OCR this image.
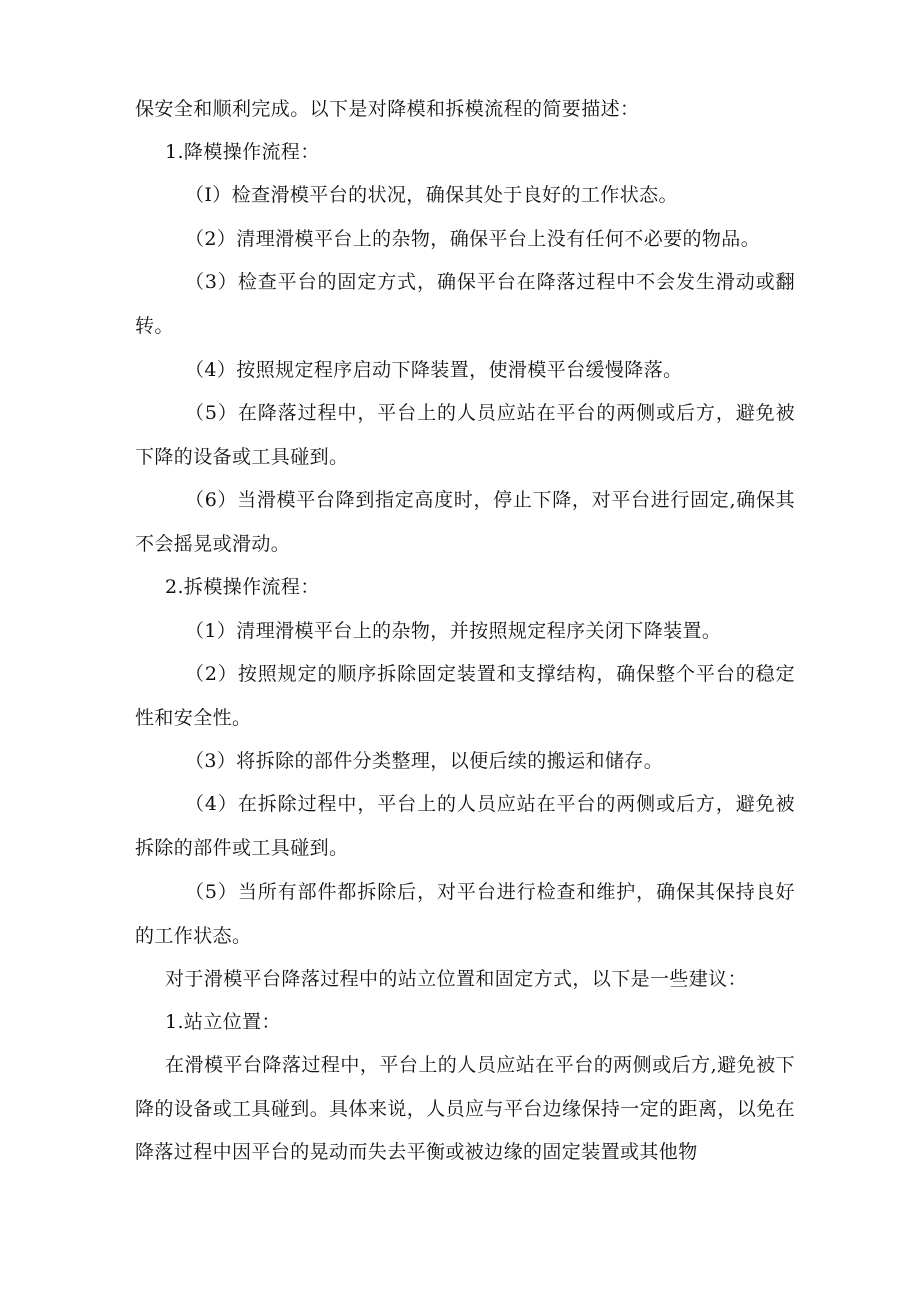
保安全和顺利完成。以下是对降模和拆模流程的简要描述：

1.降模操作流程：

（I）检查滑模平台的状况，确保其处于良好的工作状态。

（2）清理滑模平台上的杂物，确保平台上没有任何不必要的物品。

（3）检查平台的固定方式，确保平台在降落过程中不会发生滑动或翻转。

（4）按照规定程序启动下降装置，使滑模平台缓慢降落。

（5）在降落过程中，平台上的人员应站在平台的两侧或后方，避免被下降的设备或工具碰到。

（6）当滑模平台降到指定高度时，停止下降，对平台进行固定,确保其不会摇晃或滑动。

2.拆模操作流程：

（1）清理滑模平台上的杂物，并按照规定程序关闭下降装置。

（2）按照规定的顺序拆除固定装置和支撑结构，确保整个平台的稳定性和安全性。

（3）将拆除的部件分类整理，以便后续的搬运和储存。

（4）在拆除过程中，平台上的人员应站在平台的两侧或后方，避免被拆除的部件或工具碰到。

（5）当所有部件都拆除后，对平台进行检查和维护，确保其保持良好的工作状态。

对于滑模平台降落过程中的站立位置和固定方式，以下是一些建议：

1.站立位置：

在滑模平台降落过程中，平台上的人员应站在平台的两侧或后方,避免被下降的设备或工具碰到。具体来说，人员应与平台边缘保持一定的距离，以免在降落过程中因平台的晃动而失去平衡或被边缘的固定装置或其他物
